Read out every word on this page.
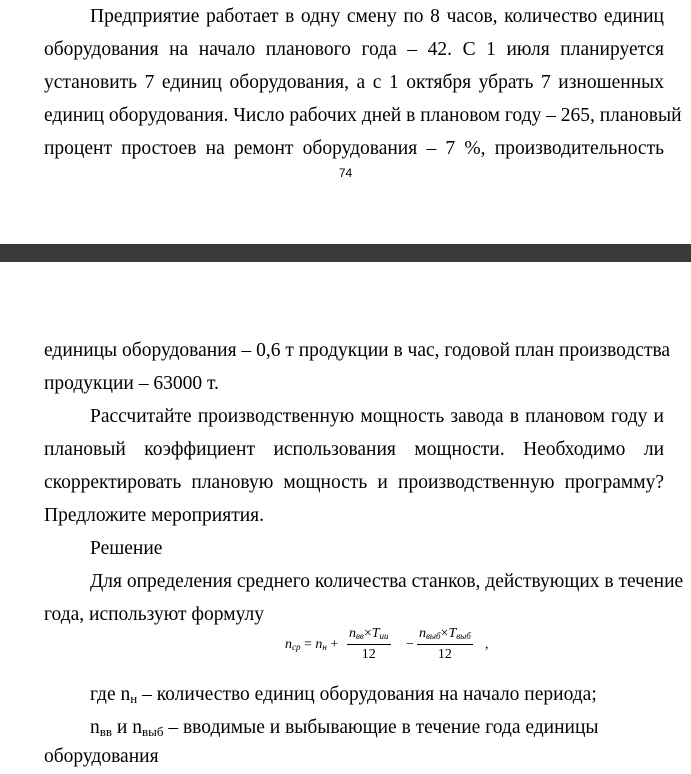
Предприятие работает в одну смену по 8 часов, количество единиц
оборудования на начало планового года – 42. С 1 июля планируется
установить 7 единиц оборудования, а с 1 октября убрать 7 изношенных
единиц оборудования. Число рабочих дней в плановом году – 265, плановый
процент простоев на ремонт оборудования – 7 %, производительность
74
единицы оборудования – 0,6 т продукции в час, годовой план производства
продукции – 63000 т.
Рассчитайте производственную мощность завода в плановом году и
плановый коэффициент использования мощности. Необходимо ли
скорректировать плановую мощность и производственную программу?
Предложите мероприятия.
Решение
Для определения среднего количества станков, действующих в течение
года, используют формулу
$n_{ср} = n_н$ +
$n_{вв}\times T_{ии}$
12
−
$n_{выб}\times T_{выб}$
12
,
где $n_н$ – количество единиц оборудования на начало периода;
$n_{вв}$ и $n_{выб}$ – вводимые и выбывающие в течение года единицы
оборудования
